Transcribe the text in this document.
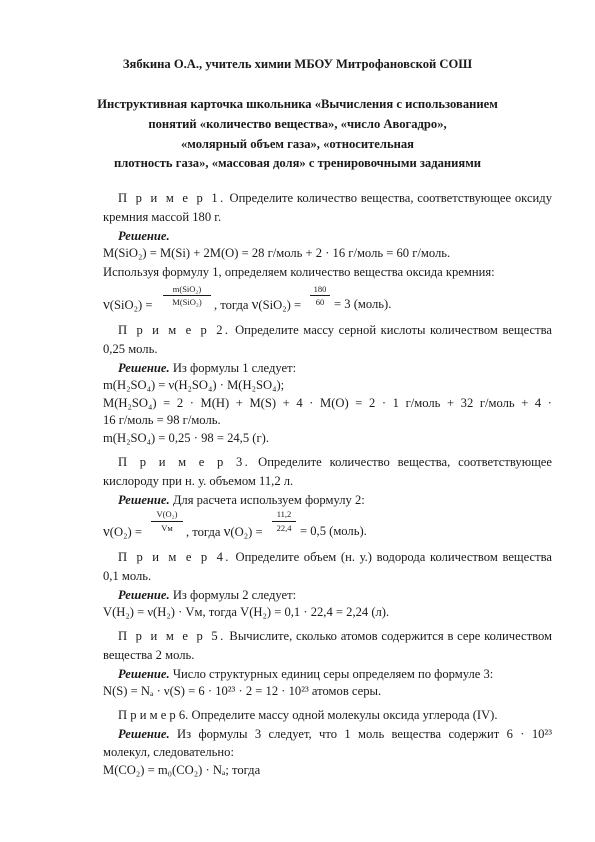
Зябкина О.А., учитель химии МБОУ Митрофановской СОШ
Инструктивная карточка школьника «Вычисления с использованием
понятий «количество вещества», «число Авогадро»,
«молярный объем газа», «относительная
плотность газа», «массовая доля» с тренировочными заданиями
П р и м е р 1. Определите количество вещества, соответствующее оксиду
кремния массой 180 г.
Решение.
M(SiO₂) = M(Si) + 2M(O) = 28 г/моль + 2 · 16 г/моль = 60 г/моль.
Используя формулу 1, определяем количество вещества оксида кремния:
ν(SiO₂) =
m(SiO₂)
M(SiO₂) , тогда ν(SiO₂) =
180
60 = 3 (моль).
П р и м е р 2. Определите массу серной кислоты количеством вещества
0,25 моль.
Решение. Из формулы 1 следует:
m(H₂SO₄) = ν(H₂SO₄) · M(H₂SO₄);
M(H₂SO₄) = 2 · M(H) + M(S) + 4 · M(O) = 2 · 1 г/моль + 32 г/моль + 4 ·
16 г/моль = 98 г/моль.
m(H₂SO₄) = 0,25 · 98 = 24,5 (г).
П р и м е р 3. Определите количество вещества, соответствующее
кислороду при н. у. объемом 11,2 л.
Решение. Для расчета используем формулу 2:
ν(O₂) =
V(O₂)
Vм	, тогда ν(O₂) =
11,2
22,4 = 0,5 (моль).
П р и м е р 4. Определите объем (н. у.) водорода количеством вещества
0,1 моль.
Решение. Из формулы 2 следует:
V(H₂) = ν(H₂) · Vм, тогда V(H₂) = 0,1 · 22,4 = 2,24 (л).
П р и м е р 5. Вычислите, сколько атомов содержится в сере количеством
вещества 2 моль.
Решение. Число структурных единиц серы определяем по формуле 3:
N(S) = Nₐ · ν(S) = 6 · 10²³ · 2 = 12 · 10²³ атомов серы.
П р и м е р 6. Определите массу одной молекулы оксида углерода (IV).
Решение. Из формулы 3 следует, что 1 моль вещества содержит 6 · 10²³
молекул, следовательно:
M(CO₂) = m₀(CO₂) · Nₐ; тогда
